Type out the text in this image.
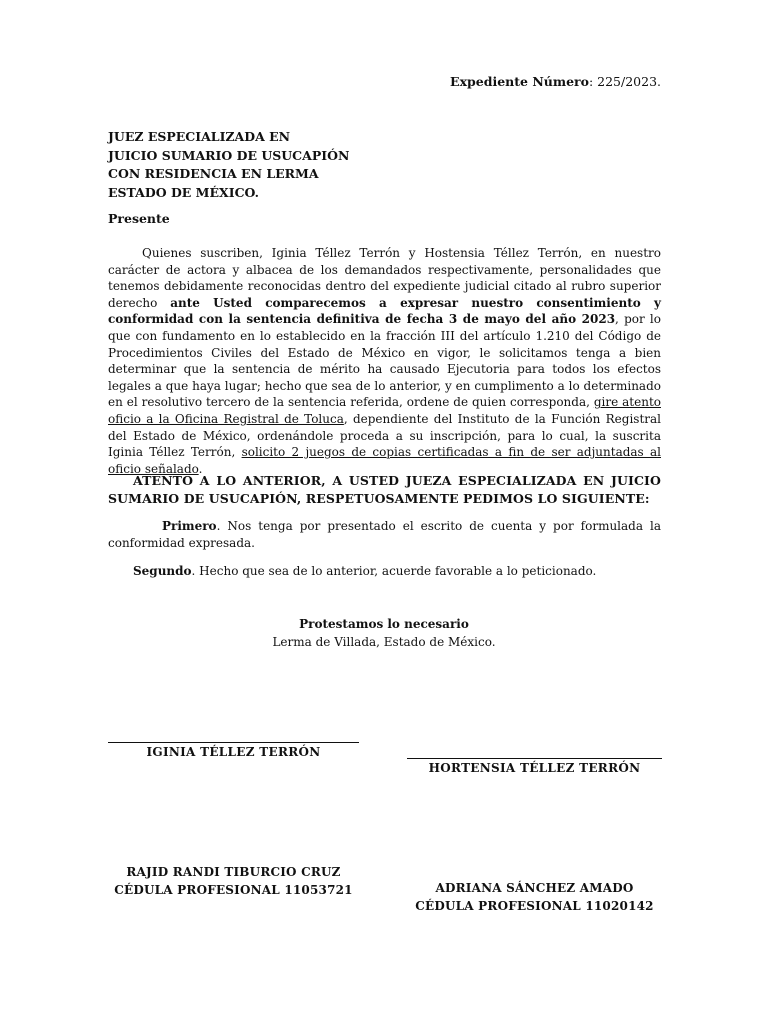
Expediente Número: 225/2023.
JUEZ ESPECIALIZADA EN
JUICIO SUMARIO DE USUCAPIÓN
CON RESIDENCIA EN LERMA
ESTADO DE MÉXICO.
Presente
Quienes suscriben, Iginia Téllez Terrón y Hostensia Téllez Terrón, en nuestro carácter de actora y albacea de los demandados respectivamente, personalidades que tenemos debidamente reconocidas dentro del expediente judicial citado al rubro superior derecho ante Usted comparecemos a expresar nuestro consentimiento y conformidad con la sentencia definitiva de fecha 3 de mayo del año 2023, por lo que con fundamento en lo establecido en la fracción III del artículo 1.210 del Código de Procedimientos Civiles del Estado de México en vigor, le solicitamos tenga a bien determinar que la sentencia de mérito ha causado Ejecutoria para todos los efectos legales a que haya lugar; hecho que sea de lo anterior, y en cumplimento a lo determinado en el resolutivo tercero de la sentencia referida, ordene de quien corresponda, gire atento oficio a la Oficina Registral de Toluca, dependiente del Instituto de la Función Registral del Estado de México, ordenándole proceda a su inscripción, para lo cual, la suscrita Iginia Téllez Terrón, solicito 2 juegos de copias certificadas a fin de ser adjuntadas al oficio señalado.
ATENTO A LO ANTERIOR, A USTED JUEZA ESPECIALIZADA EN JUICIO SUMARIO DE USUCAPIÓN, RESPETUOSAMENTE PEDIMOS LO SIGUIENTE:
Primero. Nos tenga por presentado el escrito de cuenta y por formulada la conformidad expresada.
Segundo. Hecho que sea de lo anterior, acuerde favorable a lo peticionado.
Protestamos lo necesario
Lerma de Villada, Estado de México.
IGINIA TÉLLEZ TERRÓN
HORTENSIA TÉLLEZ TERRÓN
RAJID RANDI TIBURCIO CRUZ
CÉDULA PROFESIONAL 11053721	ADRIANA SÁNCHEZ AMADO
CÉDULA PROFESIONAL 11020142
